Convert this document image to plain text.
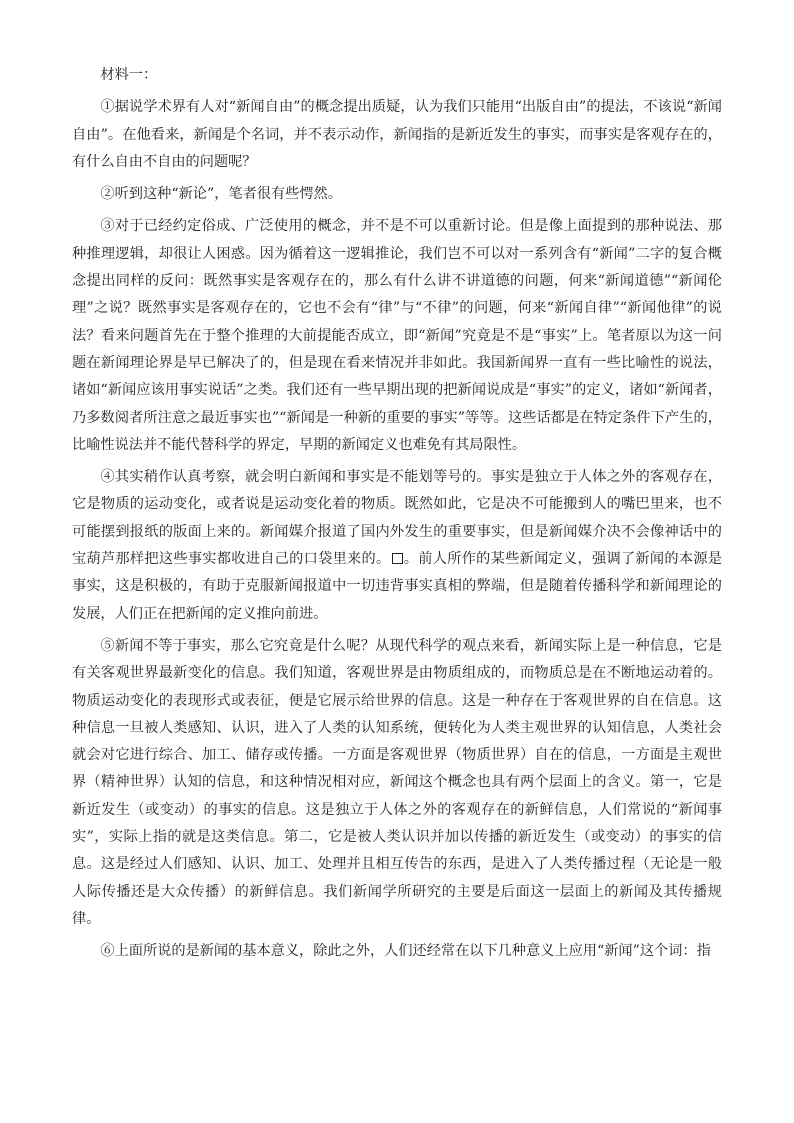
材料一：

①据说学术界有人对“新闻自由”的概念提出质疑，认为我们只能用“出版自由”的提法，不该说“新闻自由”。在他看来，新闻是个名词，并不表示动作，新闻指的是新近发生的事实，而事实是客观存在的，有什么自由不自由的问题呢？

②听到这种“新论”，笔者很有些愕然。

③对于已经约定俗成、广泛使用的概念，并不是不可以重新讨论。但是像上面提到的那种说法、那种推理逻辑，却很让人困惑。因为循着这一逻辑推论，我们岂不可以对一系列含有“新闻”二字的复合概念提出同样的反问：既然事实是客观存在的，那么有什么讲不讲道德的问题，何来“新闻道德”“新闻伦理”之说？既然事实是客观存在的，它也不会有“律”与“不律”的问题，何来“新闻自律”“新闻他律”的说法？看来问题首先在于整个推理的大前提能否成立，即“新闻”究竟是不是“事实”上。笔者原以为这一问题在新闻理论界是早已解决了的，但是现在看来情况并非如此。我国新闻界一直有一些比喻性的说法，诸如“新闻应该用事实说话”之类。我们还有一些早期出现的把新闻说成是“事实”的定义，诸如“新闻者，乃多数阅者所注意之最近事实也”“新闻是一种新的重要的事实”等等。这些话都是在特定条件下产生的，比喻性说法并不能代替科学的界定，早期的新闻定义也难免有其局限性。

④其实稍作认真考察，就会明白新闻和事实是不能划等号的。事实是独立于人体之外的客观存在，它是物质的运动变化，或者说是运动变化着的物质。既然如此，它是决不可能搬到人的嘴巴里来，也不可能摆到报纸的版面上来的。新闻媒介报道了国内外发生的重要事实，但是新闻媒介决不会像神话中的宝葫芦那样把这些事实都收进自己的口袋里来的。 。前人所作的某些新闻定义，强调了新闻的本源是事实，这是积极的，有助于克服新闻报道中一切违背事实真相的弊端，但是随着传播科学和新闻理论的发展，人们正在把新闻的定义推向前进。

⑤新闻不等于事实，那么它究竟是什么呢？从现代科学的观点来看，新闻实际上是一种信息，它是有关客观世界最新变化的信息。我们知道，客观世界是由物质组成的，而物质总是在不断地运动着的。物质运动变化的表现形式或表征，便是它展示给世界的信息。这是一种存在于客观世界的自在信息。这种信息一旦被人类感知、认识，进入了人类的认知系统，便转化为人类主观世界的认知信息，人类社会就会对它进行综合、加工、储存或传播。一方面是客观世界（物质世界）自在的信息，一方面是主观世界（精神世界）认知的信息，和这种情况相对应，新闻这个概念也具有两个层面上的含义。第一，它是新近发生（或变动）的事实的信息。这是独立于人体之外的客观存在的新鲜信息，人们常说的“新闻事实”，实际上指的就是这类信息。第二，它是被人类认识并加以传播的新近发生（或变动）的事实的信息。这是经过人们感知、认识、加工、处理并且相互传告的东西，是进入了人类传播过程（无论是一般人际传播还是大众传播）的新鲜信息。我们新闻学所研究的主要是后面这一层面上的新闻及其传播规律。

⑥上面所说的是新闻的基本意义，除此之外，人们还经常在以下几种意义上应用“新闻”这个词：指
